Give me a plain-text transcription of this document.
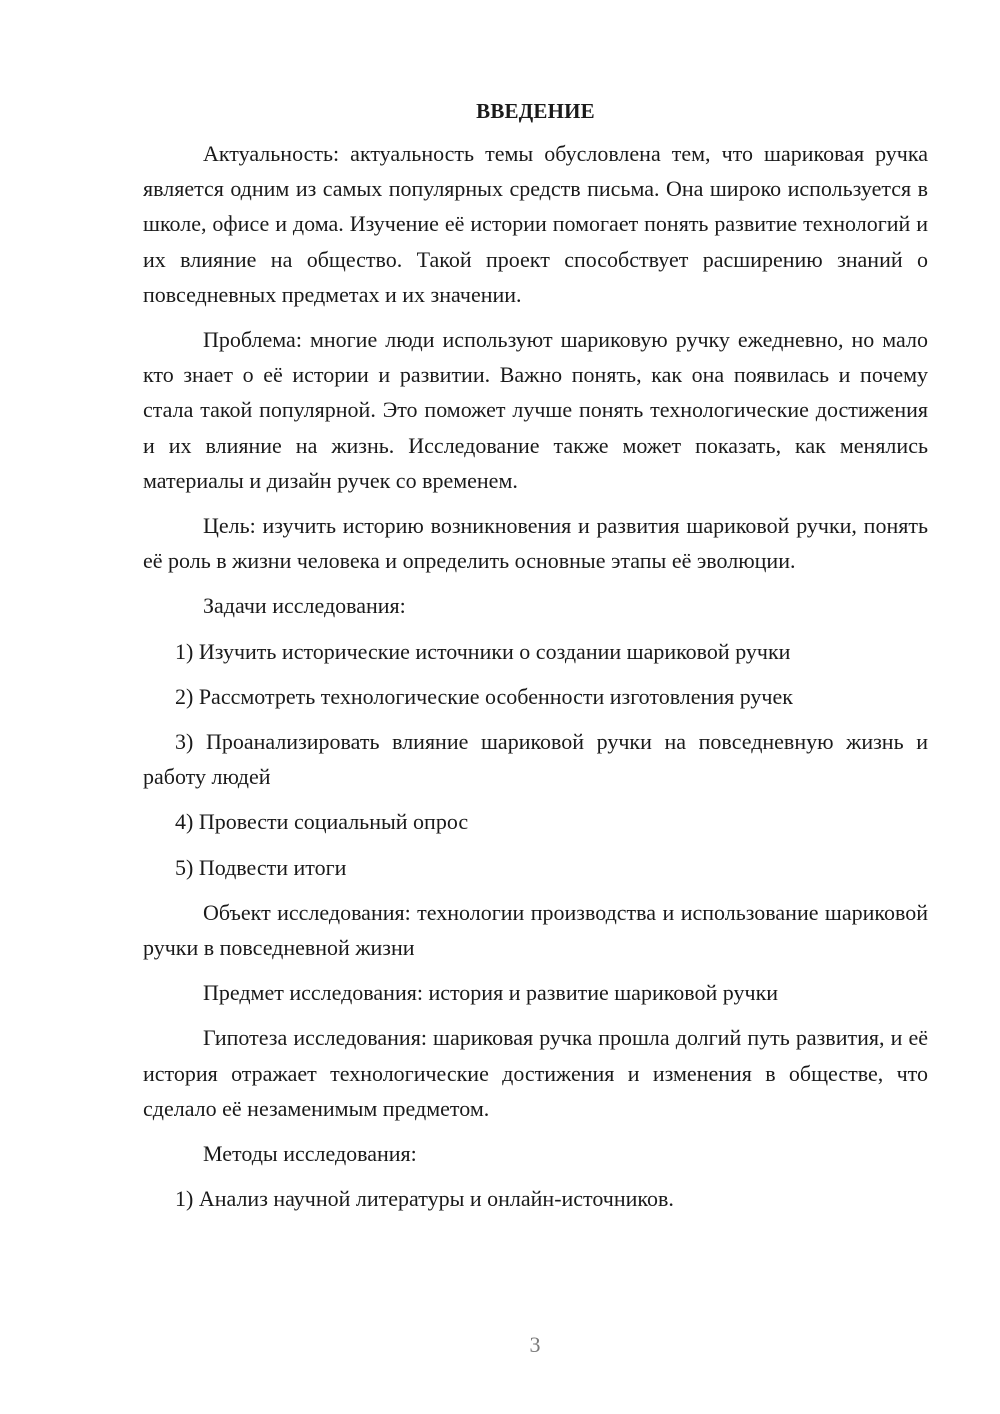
ВВЕДЕНИЕ

Актуальность: актуальность темы обусловлена тем, что шариковая ручка является одним из самых популярных средств письма. Она широко используется в школе, офисе и дома. Изучение её истории помогает понять развитие технологий и их влияние на общество. Такой проект способствует расширению знаний о повседневных предметах и их значении.

Проблема: многие люди используют шариковую ручку ежедневно, но мало кто знает о её истории и развитии. Важно понять, как она появилась и почему стала такой популярной. Это поможет лучше понять технологические достижения и их влияние на жизнь. Исследование также может показать, как менялись материалы и дизайн ручек со временем.

Цель: изучить историю возникновения и развития шариковой ручки, понять её роль в жизни человека и определить основные этапы её эволюции.

Задачи исследования:

1) Изучить исторические источники о создании шариковой ручки

2) Рассмотреть технологические особенности изготовления ручек

3) Проанализировать влияние шариковой ручки на повседневную жизнь и работу людей

4) Провести социальный опрос

5) Подвести итоги

Объект исследования: технологии производства и использование шариковой ручки в повседневной жизни

Предмет исследования: история и развитие шариковой ручки

Гипотеза исследования: шариковая ручка прошла долгий путь развития, и её история отражает технологические достижения и изменения в обществе, что сделало её незаменимым предметом.

Методы исследования:

1) Анализ научной литературы и онлайн-источников.

3
